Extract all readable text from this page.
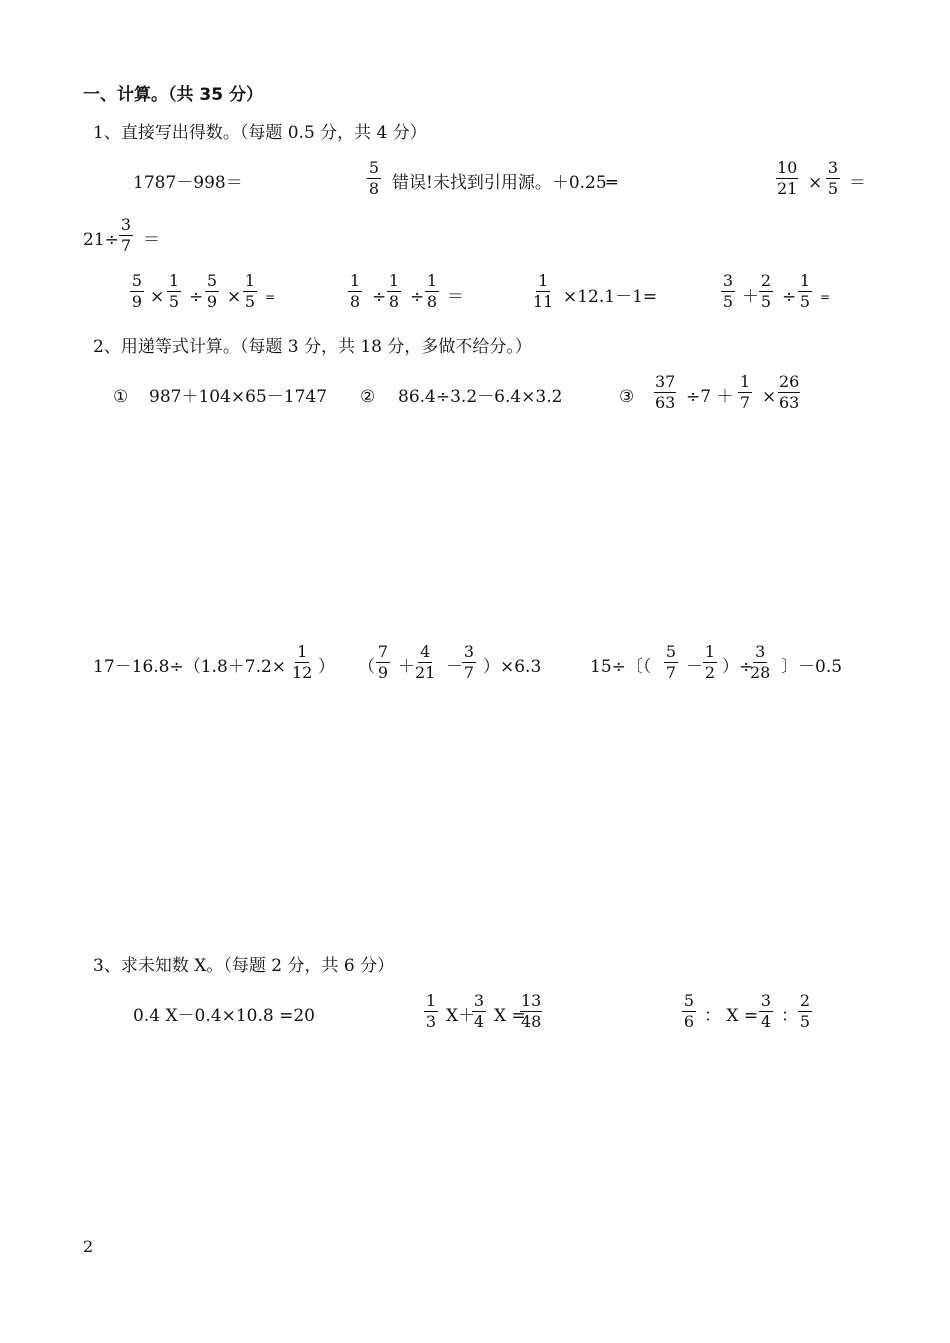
一、计算。（共 35 分）
1、直接写出得数。（每题 0.5 分，共 4 分）
1787－998＝	$\frac{5}{8}$ 错误!未找到引用源。＋0.25═	$\frac{10}{21} \times \frac{3}{5}$ ＝
$21\div \frac{3}{7}$ ＝
$\frac{5}{9} \times \frac{1}{5} \div \frac{5}{9} \times \frac{1}{5}$ =	$\frac{1}{8} \div \frac{1}{8} \div \frac{1}{8}$ ＝	$\frac{1}{11} \times 12.1-1=$	$\frac{3}{5} + \frac{2}{5} \div \frac{1}{5}$ =
2、用递等式计算。（每题 3 分，共 18 分，多做不给分。）
① 987＋104×65－1747 ② 86.4÷3.2－6.4×3.2	③ $\frac{37}{63} \div 7 + \frac{1}{7} \times \frac{26}{63}$
$17-16.8\div(1.8+7.2\times \frac{1}{12}$ ） （ $\frac{7}{9} + \frac{4}{21} - \frac{3}{7} )\times 6.3$	15÷〔（ $\frac{5}{7} - \frac{1}{2}$ ）÷
$\frac{3}{28}$ 〕－0.5
3、求未知数 X。（每题 2 分，共 6 分）
0.4 X－0.4×10.8 =20	$\frac{1}{3} X+$
$\frac{3}{4}$ X =
$\frac{13}{48}$	$\frac{5}{6}$ ： $X = \frac{3}{4}$ ： $\frac{2}{5}$
2
